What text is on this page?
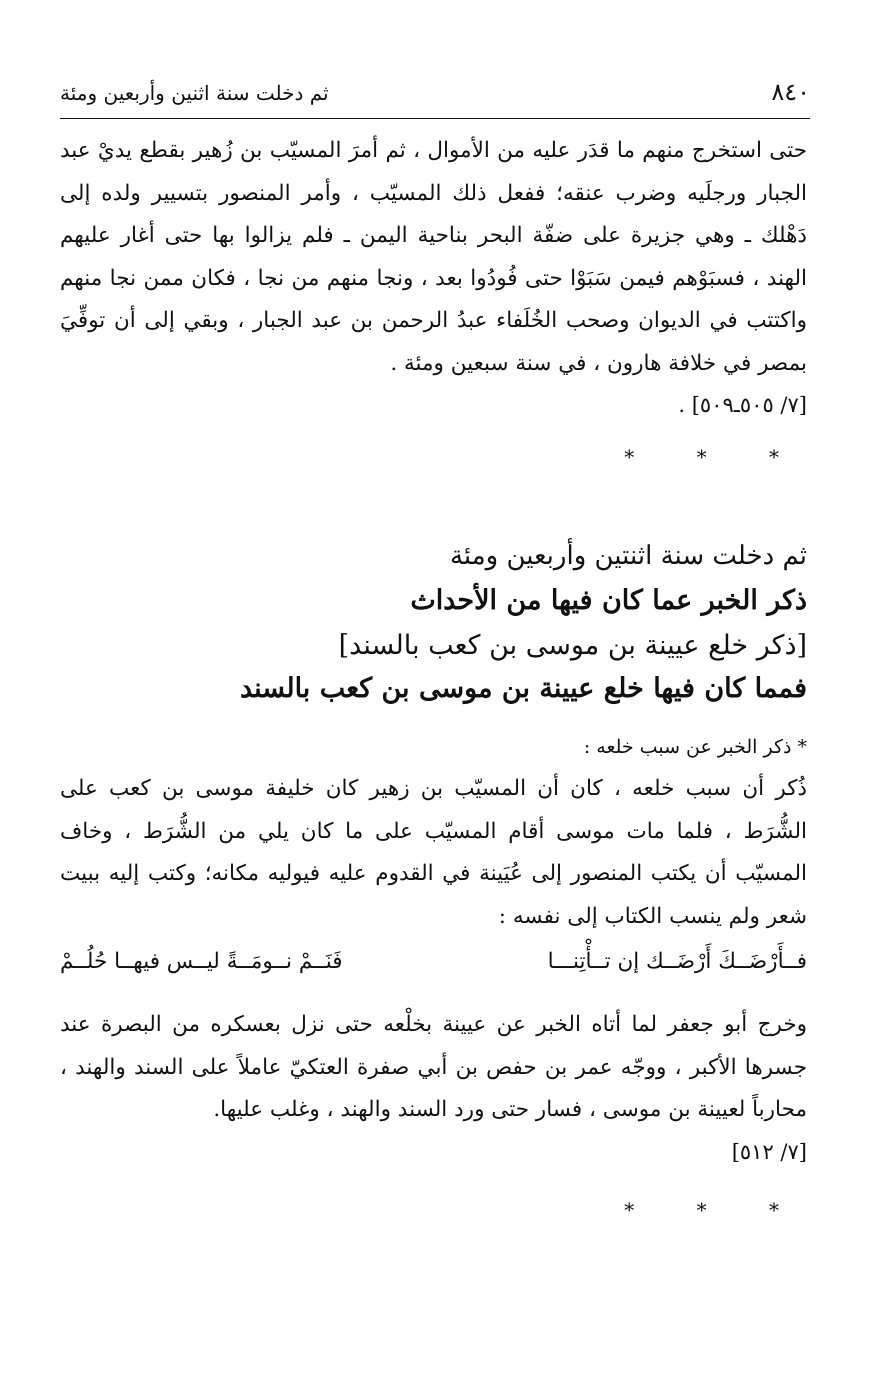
٨٤٠
ثم دخلت سنة اثنين وأربعين ومئة

حتى استخرج منهم ما قدَر عليه من الأموال ، ثم أمرَ المسيّب بن زُهير بقطع يديْ عبد الجبار ورجلَيه وضرب عنقه؛ ففعل ذلك المسيّب ، وأمر المنصور بتسيير ولده إلى دَهْلك ـ وهي جزيرة على ضفّة البحر بناحية اليمن ـ فلم يزالوا بها حتى أغار عليهم الهند ، فسبَوْهم فيمن سَبَوْا حتى فُودُوا بعد ، ونجا منهم من نجا ، فكان ممن نجا منهم واكتتب في الديوان وصحب الخُلَفاء عبدُ الرحمن بن عبد الجبار ، وبقي إلى أن توفِّيَ بمصر في خلافة هارون ، في سنة سبعين ومئة .

[٧/ ٥٠٥ـ٥٠٩] .

* * *
ثم دخلت سنة اثنتين وأربعين ومئة
ذكر الخبر عما كان فيها من الأحداث
[ذكر خلع عيينة بن موسى بن كعب بالسند]
فمما كان فيها خلع عيينة بن موسى بن كعب بالسند
* ذكر الخبر عن سبب خلعه :

ذُكر أن سبب خلعه ، كان أن المسيّب بن زهير كان خليفة موسى بن كعب على الشُّرَط ، فلما مات موسى أقام المسيّب على ما كان يلي من الشُّرَط ، وخاف المسيّب أن يكتب المنصور إلى عُيَينة في القدوم عليه فيوليه مكانه؛ وكتب إليه ببيت شعر ولم ينسب الكتاب إلى نفسه :

فــأَرْضَــكَ أَرْضَــك إن تــأْتِنـــا
فَنَــمْ نــومَــةً ليــس فيهــا حُلُــمْ

وخرج أبو جعفر لما أتاه الخبر عن عيينة بخلْعه حتى نزل بعسكره من البصرة عند جسرها الأكبر ، ووجّه عمر بن حفص بن أبي صفرة العتكيّ عاملاً على السند والهند ، محارباً لعيينة بن موسى ، فسار حتى ورد السند والهند ، وغلب عليها.

[٧/ ٥١٢]

* * *
